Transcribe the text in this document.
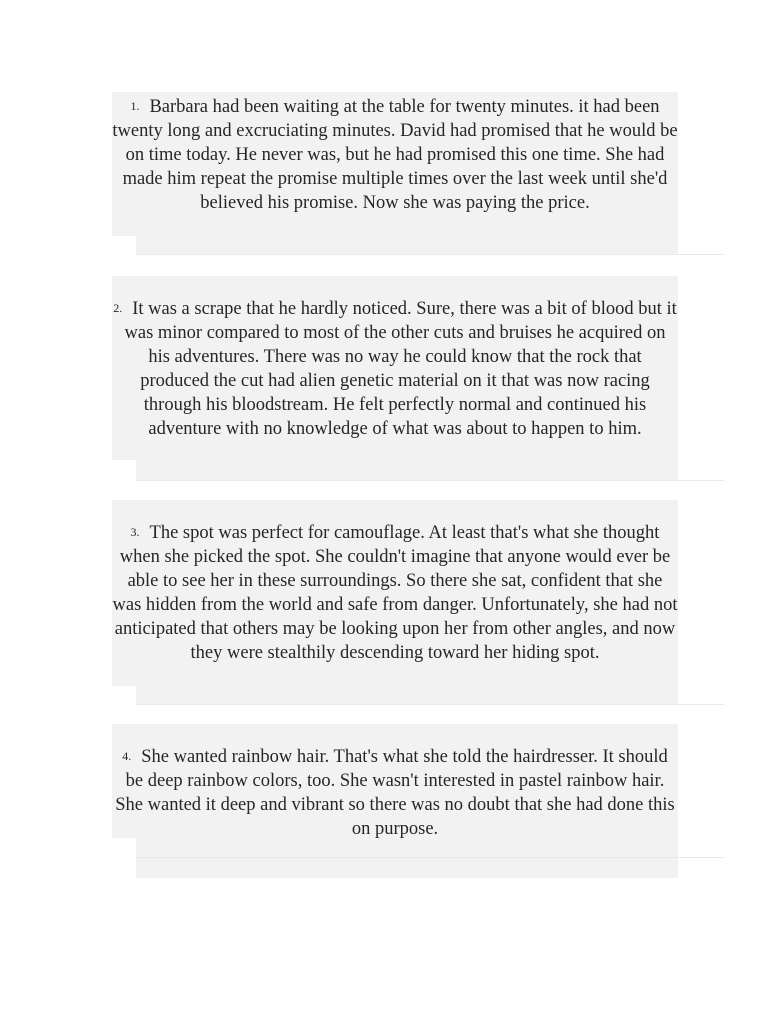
1. Barbara had been waiting at the table for twenty minutes. it had been twenty long and excruciating minutes. David had promised that he would be on time today. He never was, but he had promised this one time. She had made him repeat the promise multiple times over the last week until she'd believed his promise. Now she was paying the price.

2. It was a scrape that he hardly noticed. Sure, there was a bit of blood but it was minor compared to most of the other cuts and bruises he acquired on his adventures. There was no way he could know that the rock that produced the cut had alien genetic material on it that was now racing through his bloodstream. He felt perfectly normal and continued his adventure with no knowledge of what was about to happen to him.

3. The spot was perfect for camouflage. At least that's what she thought when she picked the spot. She couldn't imagine that anyone would ever be able to see her in these surroundings. So there she sat, confident that she was hidden from the world and safe from danger. Unfortunately, she had not anticipated that others may be looking upon her from other angles, and now they were stealthily descending toward her hiding spot.

4. She wanted rainbow hair. That's what she told the hairdresser. It should be deep rainbow colors, too. She wasn't interested in pastel rainbow hair. She wanted it deep and vibrant so there was no doubt that she had done this on purpose.
